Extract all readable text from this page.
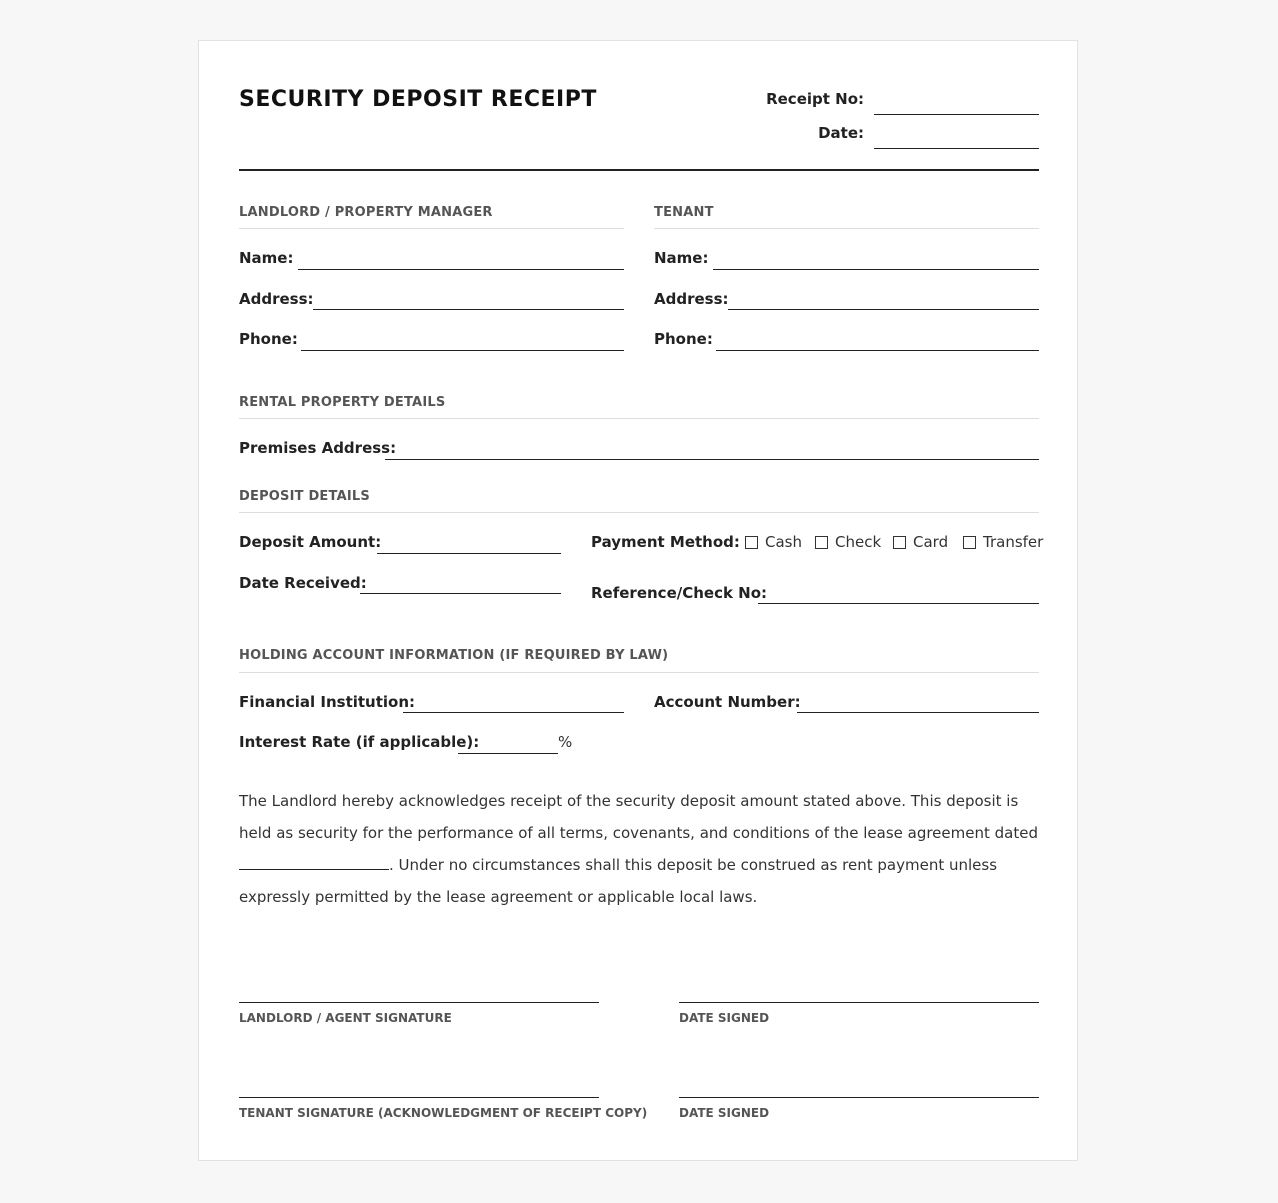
SECURITY DEPOSIT RECEIPT	Receipt No:
Date:
LANDLORD / PROPERTY MANAGER
Name:
Address:
Phone:
TENANT
Name:
Address:
Phone:
RENTAL PROPERTY DETAILS
Premises Address:
DEPOSIT DETAILS
Deposit Amount:
Date Received:
Payment Method: Cash Check Card Transfer
Reference/Check No:
HOLDING ACCOUNT INFORMATION (IF REQUIRED BY LAW)
Financial Institution:	Account Number:
Interest Rate (if applicable):	%
The Landlord hereby acknowledges receipt of the security deposit amount stated above. This deposit is held as security for the performance of all terms, covenants, and conditions of the lease agreement dated . Under no circumstances shall this deposit be construed as rent payment unless expressly permitted by the lease agreement or applicable local laws.
LANDLORD / AGENT SIGNATURE	DATE SIGNED
TENANT SIGNATURE (ACKNOWLEDGMENT OF RECEIPT COPY)	DATE SIGNED
